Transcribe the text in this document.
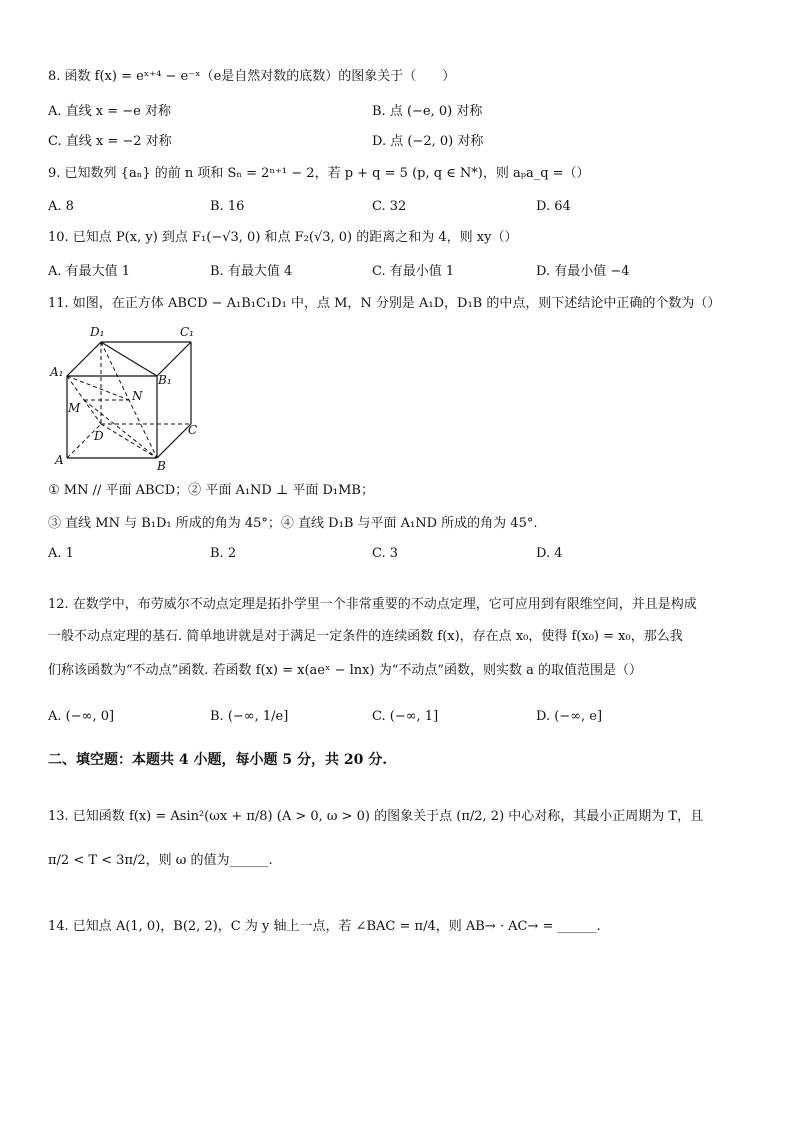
8. 函数 f(x) = eˣ⁺⁴ − e⁻ˣ（e是自然对数的底数）的图象关于（　　）
A. 直线 x = −e 对称	B. 点 (−e, 0) 对称
C. 直线 x = −2 对称	D. 点 (−2, 0) 对称
9. 已知数列 {aₙ} 的前 n 项和 Sₙ = 2ⁿ⁺¹ − 2，若 p + q = 5 (p, q ∈ N*)，则 aₚa_q =（）
A. 8	B. 16	C. 32	D. 64
10. 已知点 P(x, y) 到点 F₁(−√3, 0) 和点 F₂(√3, 0) 的距离之和为 4，则 xy（）
A. 有最大值 1	B. 有最大值 4	C. 有最小值 1	D. 有最小值 −4
11. 如图，在正方体 ABCD − A₁B₁C₁D₁ 中，点 M，N 分别是 A₁D，D₁B 的中点，则下述结论中正确的个数为（）
D₁	C₁
A₁
B₁
M
N
D	C
A	B
① MN // 平面 ABCD；② 平面 A₁ND ⊥ 平面 D₁MB；
③ 直线 MN 与 B₁D₁ 所成的角为 45°；④ 直线 D₁B 与平面 A₁ND 所成的角为 45°.
A. 1	B. 2	C. 3	D. 4
12. 在数学中，布劳威尔不动点定理是拓扑学里一个非常重要的不动点定理，它可应用到有限维空间，并且是构成
一般不动点定理的基石. 简单地讲就是对于满足一定条件的连续函数 f(x)，存在点 x₀，使得 f(x₀) = x₀，那么我
们称该函数为“不动点”函数. 若函数 f(x) = x(aeˣ − lnx) 为“不动点”函数，则实数 a 的取值范围是（）
A. (−∞, 0]	B. (−∞, 1/e]	C. (−∞, 1]	D. (−∞, e]
二、填空题：本题共 4 小题，每小题 5 分，共 20 分.
13. 已知函数 f(x) = Asin²(ωx + π/8) (A > 0, ω > 0) 的图象关于点 (π/2, 2) 中心对称，其最小正周期为 T，且
π/2 < T < 3π/2，则 ω 的值为______.
14. 已知点 A(1, 0)，B(2, 2)，C 为 y 轴上一点，若 ∠BAC = π/4，则 AB→ · AC→ = ______.
